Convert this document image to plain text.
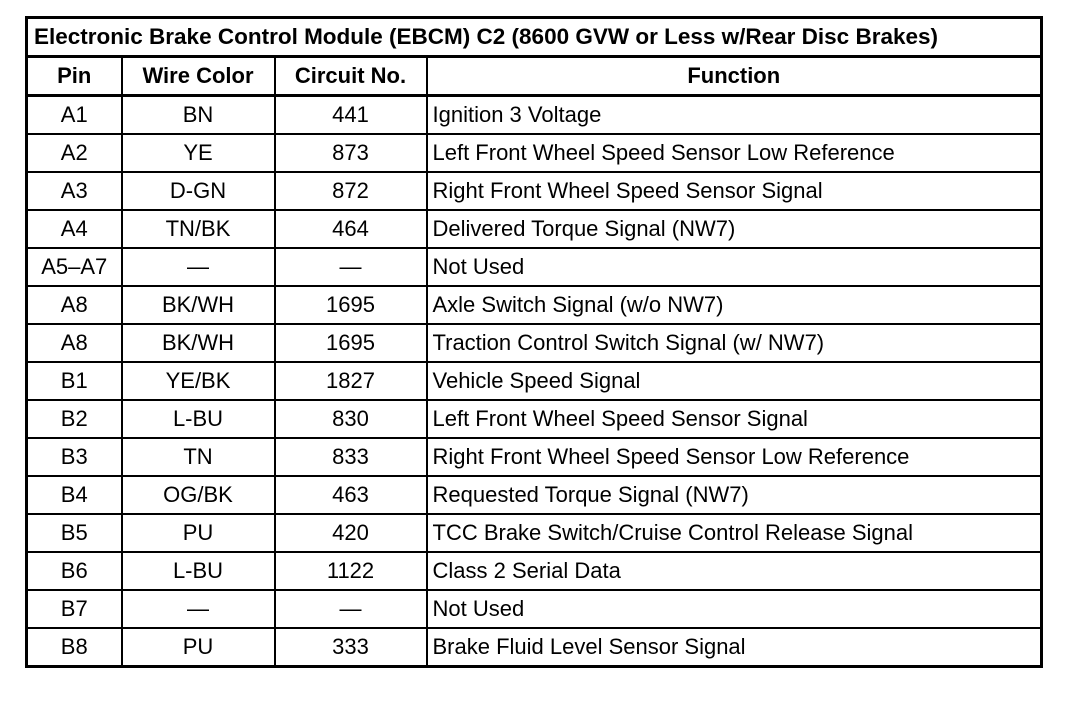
Electronic Brake Control Module (EBCM) C2 (8600 GVW or Less w/Rear Disc Brakes)			
Pin	Wire Color	Circuit No.	Function
A1	BN	441	Ignition 3 Voltage
A2	YE	873	Left Front Wheel Speed Sensor Low Reference
A3	D-GN	872	Right Front Wheel Speed Sensor Signal
A4	TN/BK	464	Delivered Torque Signal (NW7)
A5–A7	—	—	Not Used
A8	BK/WH	1695	Axle Switch Signal (w/o NW7)
A8	BK/WH	1695	Traction Control Switch Signal (w/ NW7)
B1	YE/BK	1827	Vehicle Speed Signal
B2	L-BU	830	Left Front Wheel Speed Sensor Signal
B3	TN	833	Right Front Wheel Speed Sensor Low Reference
B4	OG/BK	463	Requested Torque Signal (NW7)
B5	PU	420	TCC Brake Switch/Cruise Control Release Signal
B6	L-BU	1122	Class 2 Serial Data
B7	—	—	Not Used
B8	PU	333	Brake Fluid Level Sensor Signal
